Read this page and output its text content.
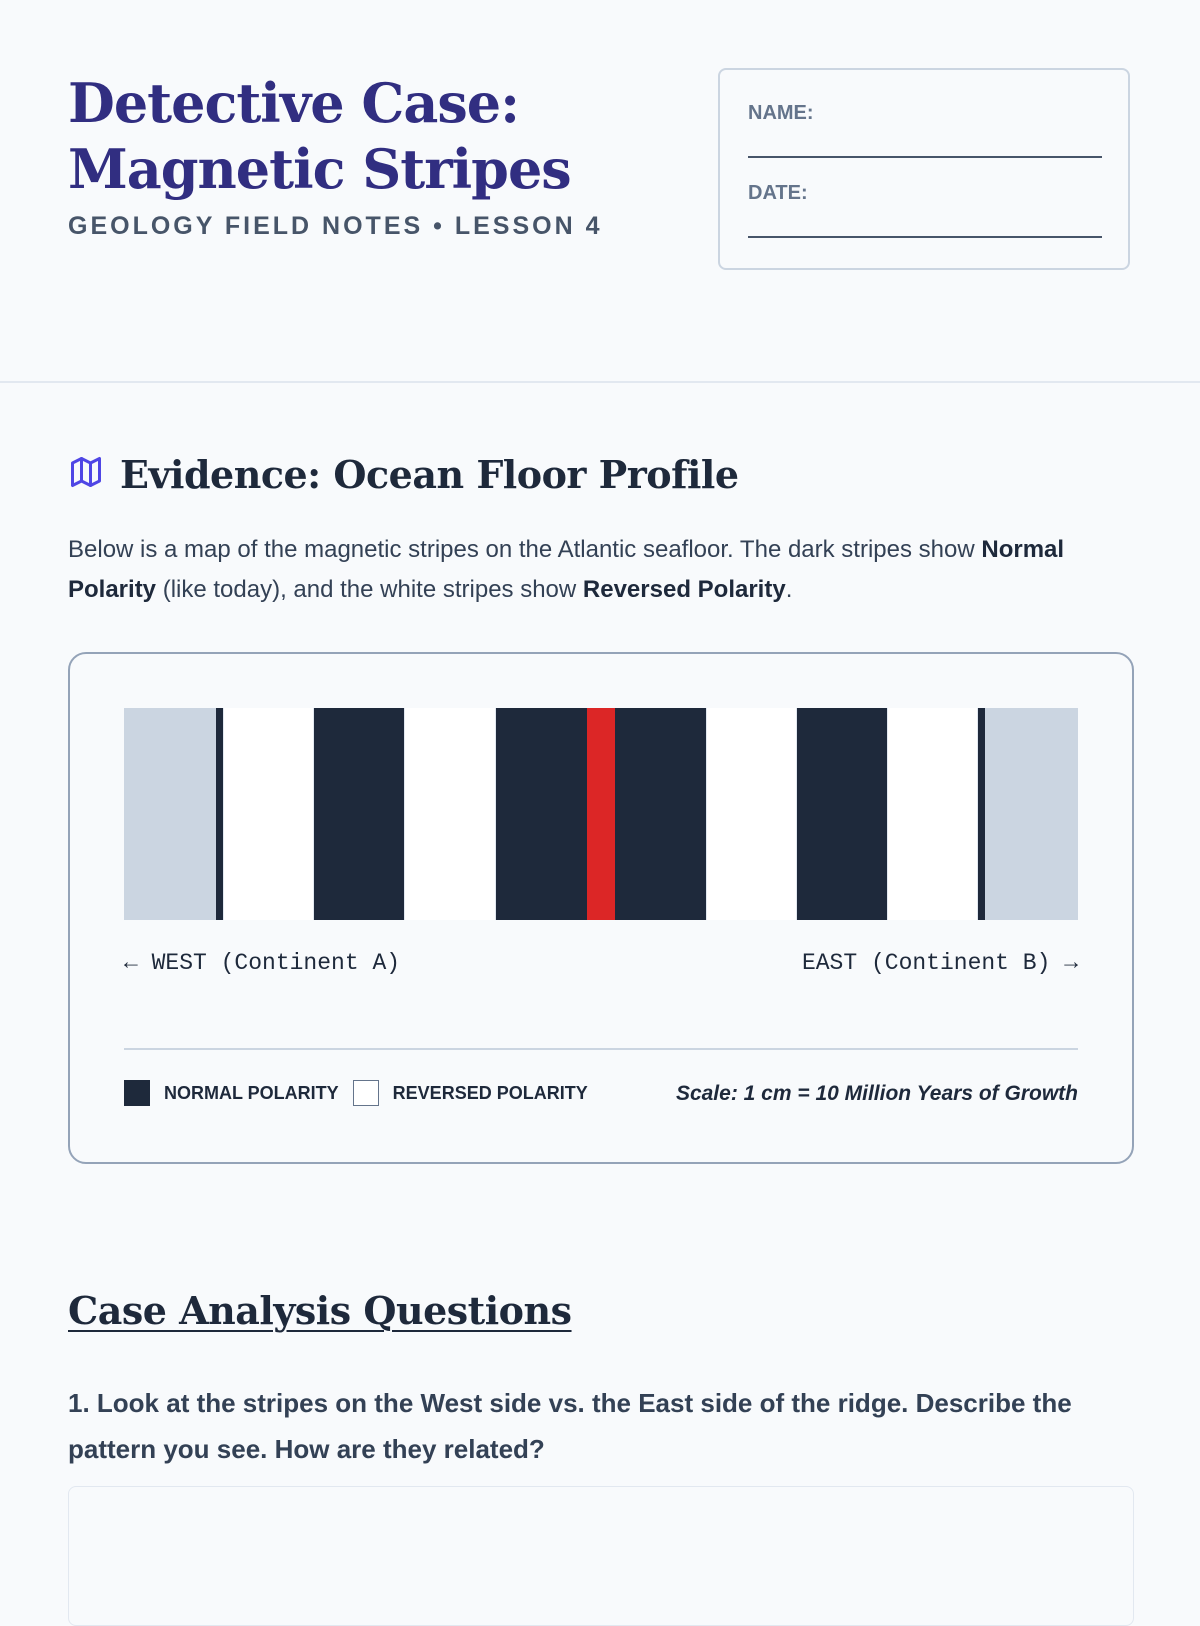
Detective Case:
Magnetic Stripes
GEOLOGY FIELD NOTES • LESSON 4
NAME:
DATE:
Evidence: Ocean Floor Profile

Below is a map of the magnetic stripes on the Atlantic seafloor. The dark stripes show Normal Polarity (like today), and the white stripes show Reversed Polarity.

← WEST (Continent A)	EAST (Continent B) →
NORMAL POLARITY	REVERSED POLARITY	Scale: 1 cm = 10 Million Years of Growth
Case Analysis Questions

1. Look at the stripes on the West side vs. the East side of the ridge. Describe the pattern you see. How are they related?
